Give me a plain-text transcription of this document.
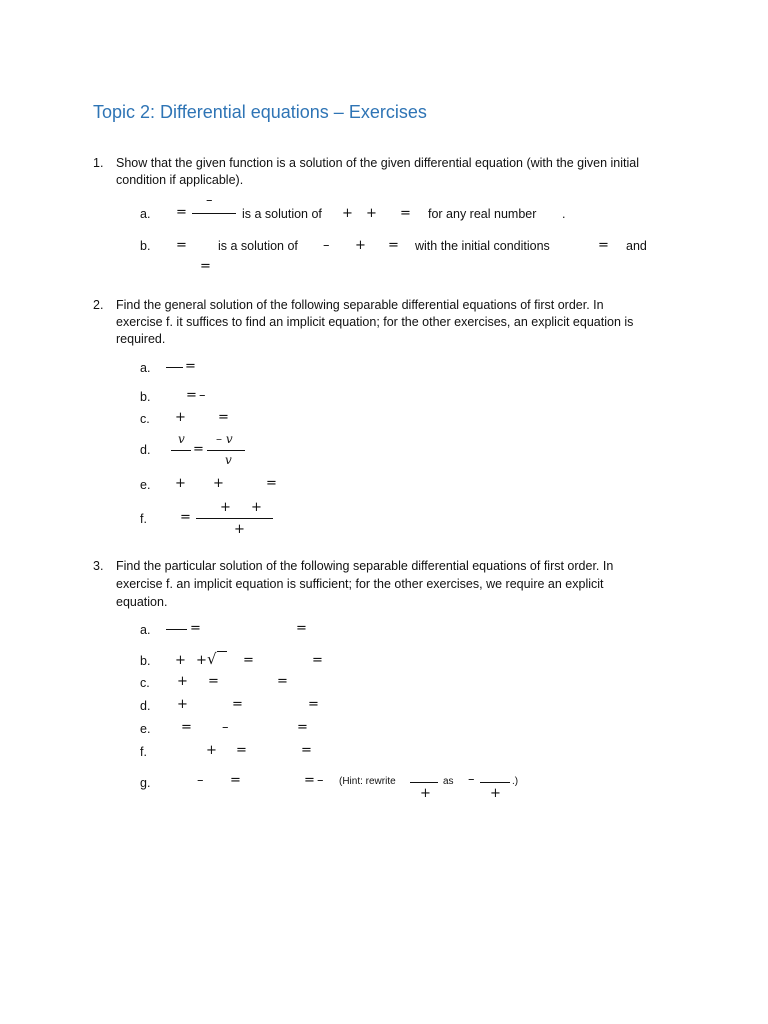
Topic 2: Differential equations – Exercises
1. Show that the given function is a solution of the given differential equation (with the given initial
condition if applicable).
a. =
–
is a solution of + + = for any real number .
b. = is a solution of – + = with the initial conditions	= and
=
2. Find the general solution of the following separable differential equations of first order. In
exercise f. it suffices to find an implicit equation; for the other exercises, an explicit equation is
required.
a.	=
b.	= –
c. + =
d.
v
=
– v
v
e. + +	=
f.	=
+ +
+
3. Find the particular solution of the following separable differential equations of first order. In
exercise f. an implicit equation is sufficient; for the other exercises, we require an explicit
equation.
a.	=	=
b. + + √ =	=
c. + =	=
d. +	=	=
e. = –	=
f.	+ =	=
g.	– =	= – (Hint: rewrite
+
as –
+
.)
